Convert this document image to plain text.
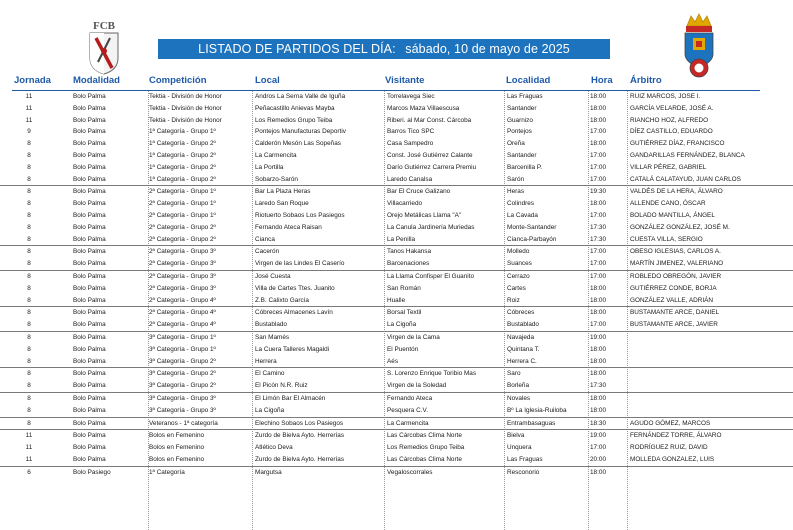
FCB
LISTADO DE PARTIDOS DEL DÍA: sábado, 10 de mayo de 2025
Jornada Modalidad	Competición	Local	Visitante	Localidad	Hora Árbitro
11	Bolo Palma	Tektia - División de Honor	Andros La Serna Valle de Iguña	Torrelavega Siec	Las Fraguas	18:00	RUIZ MARCOS, JOSE I.
11	Bolo Palma	Tektia - División de Honor	Peñacastillo Anievas Mayba	Marcos Maza Villaescusa	Santander	18:00	GARCÍA VELARDE, JOSÉ A.
11	Bolo Palma	Tektia - División de Honor	Los Remedios Grupo Teiba	Riberi. al Mar Const. Cárcoba	Guarnizo	18:00	RIANCHO HOZ, ALFREDO
9	Bolo Palma	1ª Categoría - Grupo 1º	Pontejos Manufacturas Deportiv	Barros Tico SPC	Pontejos	17:00	DÍEZ CASTILLO, EDUARDO
8	Bolo Palma	1ª Categoría - Grupo 2º	Calderón Mesón Las Sopeñas	Casa Sampedro	Oreña	18:00	GUTIÉRREZ DÍAZ, FRANCISCO
8	Bolo Palma	1ª Categoría - Grupo 2º	La Carmencita	Const. José Gutiérrez Calante	Santander	17:00	GANDARILLAS FERNÁNDEZ, BLANCA
8	Bolo Palma	1ª Categoría - Grupo 2º	La Portilla	Darío Gutiérrez Carrera Premiu	Barcenilla P.	17:00	VILLAR PÉREZ, GABRIEL
8	Bolo Palma	1ª Categoría - Grupo 2º	Sobarzo-Sarón	Laredo Canalsa	Sarón	17:00	CATALÁ CALATAYUD, JUAN CARLOS
8	Bolo Palma	2ª Categoría - Grupo 1º	Bar La Plaza Heras	Bar El Cruce Galizano	Heras	19:30	VALDÉS DE LA HERA, ÁLVARO
8	Bolo Palma	2ª Categoría - Grupo 1º	Laredo San Roque	Villacarriedo	Colindres	18:00	ALLENDE CANO, ÓSCAR
8	Bolo Palma	2ª Categoría - Grupo 1º	Riotuerto Sobaos Los Pasiegos	Orejo Metálicas Llama "A"	La Cavada	17:00	BOLADO MANTILLA, ÁNGEL
8	Bolo Palma	2ª Categoría - Grupo 2º	Fernando Ateca Raisan	La Canula Jardinería Muriedas	Monte-Santander	17:30	GONZÁLEZ GONZÁLEZ, JOSÉ M.
8	Bolo Palma	2ª Categoría - Grupo 2º	Cianca	La Penilla	Cianca-Parbayón	17:30	CUESTA VILLA, SERGIO
8	Bolo Palma	2ª Categoría - Grupo 3º	Cacerón	Tanos Hakansa	Molledo	17:00	OBESO IGLESIAS, CARLOS A.
8	Bolo Palma	2ª Categoría - Grupo 3º	Virgen de las Lindes El Caserío	Barcenaciones	Suances	17:00	MARTÍN JIMENEZ, VALERIANO
8	Bolo Palma	2ª Categoría - Grupo 3º	José Cuesta	La Llama Confisper El Guanito	Cerrazo	17:00	ROBLEDO OBREGÓN, JAVIER
8	Bolo Palma	2ª Categoría - Grupo 3º	Villa de Cartes Ttes. Juanito	San Román	Cartes	18:00	GUTIÉRREZ CONDE, BORJA
8	Bolo Palma	2ª Categoría - Grupo 4º	Z.B. Calixto García	Hualle	Roiz	18:00	GONZÁLEZ VALLE, ADRIÁN
8	Bolo Palma	2ª Categoría - Grupo 4º	Cóbreces Almacenes Lavín	Borsal Textil	Cóbreces	18:00	BUSTAMANTE ARCE, DANIEL
8	Bolo Palma	2ª Categoría - Grupo 4º	Bustablado	La Cigoña	Bustablado	17:00	BUSTAMANTE ARCE, JAVIER
8	Bolo Palma	3ª Categoría - Grupo 1º	San Mamés	Virgen de la Cama	Navajeda	19:00
8	Bolo Palma	3ª Categoría - Grupo 1º	La Cuera Talleres Magaldi	El Puentón	Quintana T.	18:00
8	Bolo Palma	3ª Categoría - Grupo 2º	Herrera	Aés	Herrera C.	18:00
8	Bolo Palma	3ª Categoría - Grupo 2º	El Camino	S. Lorenzo Enrique Toribio Mas	Saro	18:00
8	Bolo Palma	3ª Categoría - Grupo 2º	El Picón N.R. Ruiz	Virgen de la Soledad	Borleña	17:30
8	Bolo Palma	3ª Categoría - Grupo 3º	El Limón Bar El Almacén	Fernando Ateca	Novales	18:00
8	Bolo Palma	3ª Categoría - Grupo 3º	La Cigoña	Pesquera C.V.	Bº La Iglesia-Ruiloba	18:00
8	Bolo Palma	Veteranos - 1ª categoría	Elechino Sobaos Los Pasiegos	La Carmencita	Entrambasaguas	18:30	AGUDO GÓMEZ, MARCOS
11	Bolo Palma	Bolos en Femenino	Zurdo de Bielva Ayto. Herrerías	Las Cárcobas Clima Norte	Bielva	19:00	FERNÁNDEZ TORRE, ÁLVARO
11	Bolo Palma	Bolos en Femenino	Atlético Deva	Los Remedios Grupo Teiba	Unquera	17:00	RODRÍGUEZ RUIZ, DAVID
11	Bolo Palma	Bolos en Femenino	Zurdo de Bielva Ayto. Herrerías	Las Cárcobas Clima Norte	Las Fraguas	20:00	MOLLEDA GONZALEZ, LUIS
6	Bolo Pasiego	1ª Categoría	Margutsa	Vegaloscorrales	Resconorio	18:00
